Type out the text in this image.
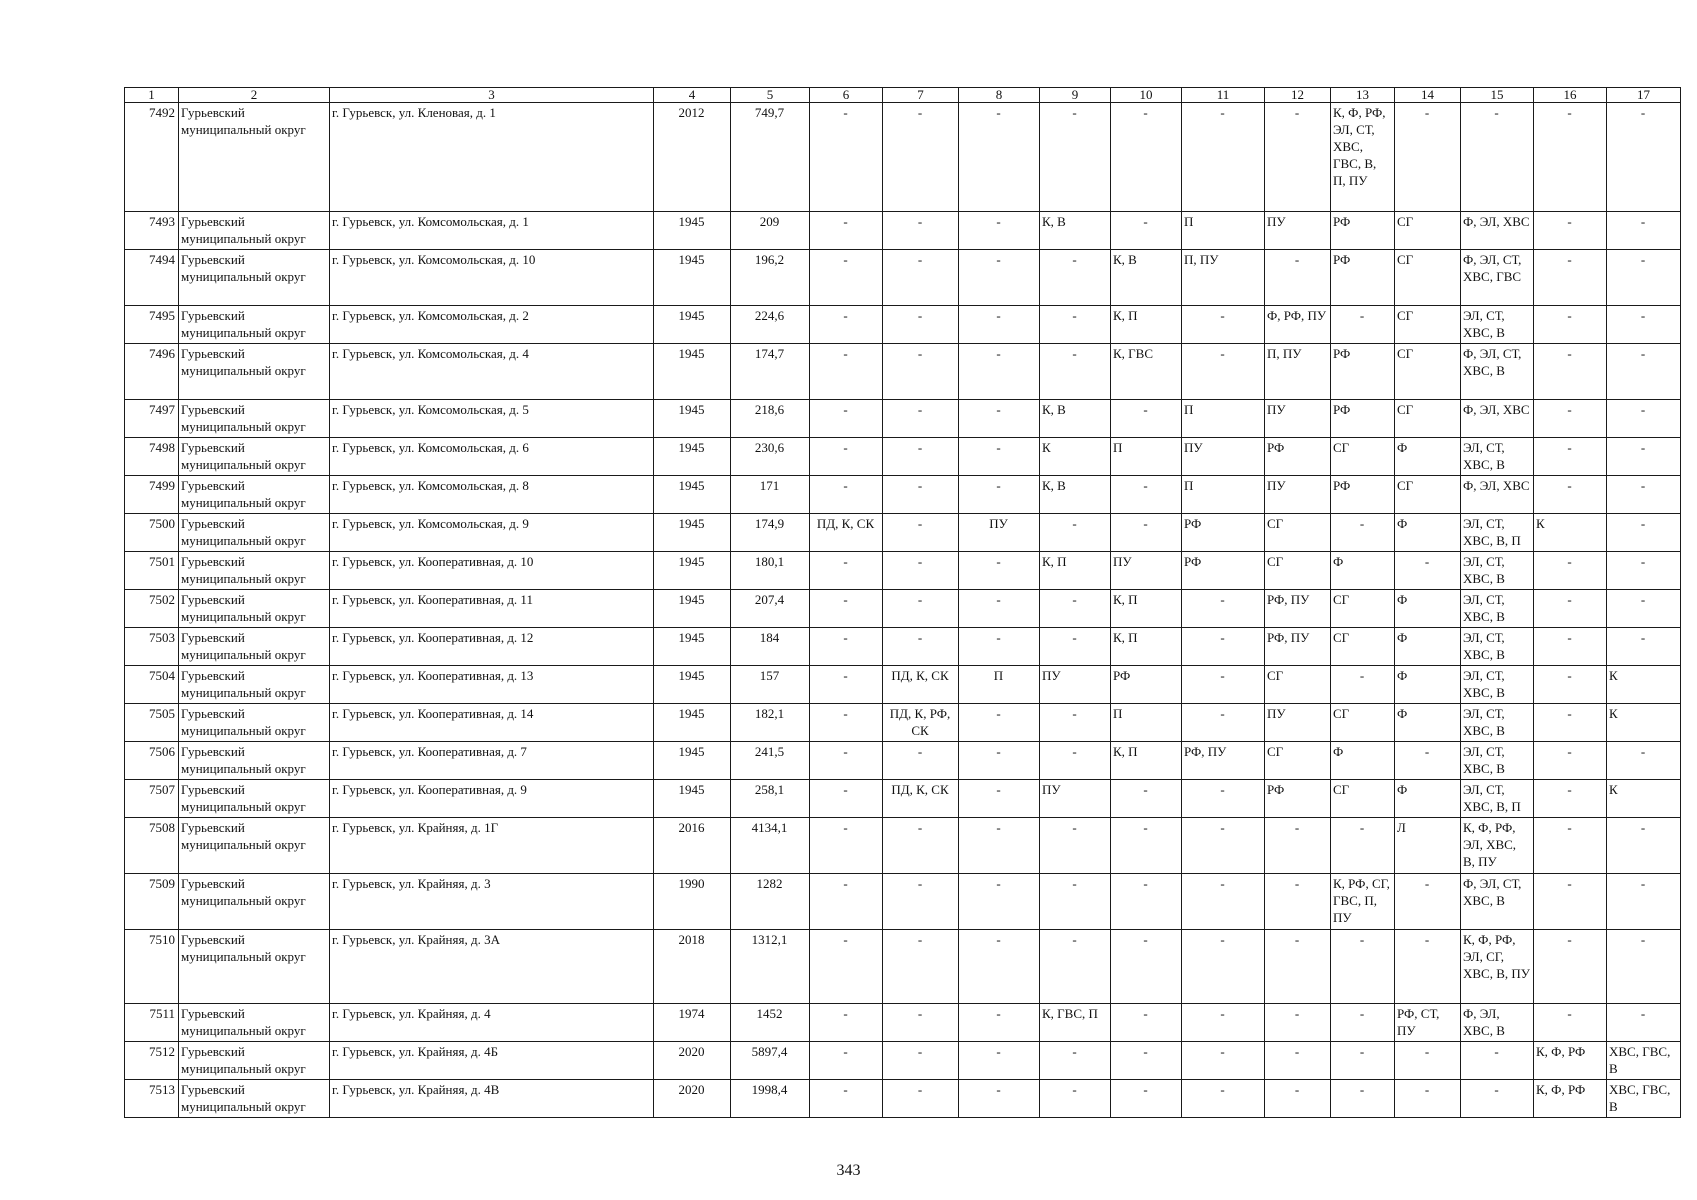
1	2	3	4	5	6	7	8	9	10	11	12	13	14	15	16	17
7492	Гурьевский муниципальный округ	г. Гурьевск, ул. Кленовая, д. 1	2012	749,7	-	-	-	-	-	-	-	К, Ф, РФ, ЭЛ, СТ, ХВС, ГВС, В, П, ПУ	-	-	-	-
7493	Гурьевский муниципальный округ	г. Гурьевск, ул. Комсомольская, д. 1	1945	209	-	-	-	К, В	-	П	ПУ	РФ	СГ	Ф, ЭЛ, ХВС	-	-
7494	Гурьевский муниципальный округ	г. Гурьевск, ул. Комсомольская, д. 10	1945	196,2	-	-	-	-	К, В	П, ПУ	-	РФ	СГ	Ф, ЭЛ, СТ, ХВС, ГВС	-	-
7495	Гурьевский муниципальный округ	г. Гурьевск, ул. Комсомольская, д. 2	1945	224,6	-	-	-	-	К, П	-	Ф, РФ, ПУ	-	СГ	ЭЛ, СТ, ХВС, В	-	-
7496	Гурьевский муниципальный округ	г. Гурьевск, ул. Комсомольская, д. 4	1945	174,7	-	-	-	-	К, ГВС	-	П, ПУ	РФ	СГ	Ф, ЭЛ, СТ, ХВС, В	-	-
7497	Гурьевский муниципальный округ	г. Гурьевск, ул. Комсомольская, д. 5	1945	218,6	-	-	-	К, В	-	П	ПУ	РФ	СГ	Ф, ЭЛ, ХВС	-	-
7498	Гурьевский муниципальный округ	г. Гурьевск, ул. Комсомольская, д. 6	1945	230,6	-	-	-	К	П	ПУ	РФ	СГ	Ф	ЭЛ, СТ, ХВС, В	-	-
7499	Гурьевский муниципальный округ	г. Гурьевск, ул. Комсомольская, д. 8	1945	171	-	-	-	К, В	-	П	ПУ	РФ	СГ	Ф, ЭЛ, ХВС	-	-
7500	Гурьевский муниципальный округ	г. Гурьевск, ул. Комсомольская, д. 9	1945	174,9	ПД, К, СК	-	ПУ	-	-	РФ	СГ	-	Ф	ЭЛ, СТ, ХВС, В, П	К	-
7501	Гурьевский муниципальный округ	г. Гурьевск, ул. Кооперативная, д. 10	1945	180,1	-	-	-	К, П	ПУ	РФ	СГ	Ф	-	ЭЛ, СТ, ХВС, В	-	-
7502	Гурьевский муниципальный округ	г. Гурьевск, ул. Кооперативная, д. 11	1945	207,4	-	-	-	-	К, П	-	РФ, ПУ	СГ	Ф	ЭЛ, СТ, ХВС, В	-	-
7503	Гурьевский муниципальный округ	г. Гурьевск, ул. Кооперативная, д. 12	1945	184	-	-	-	-	К, П	-	РФ, ПУ	СГ	Ф	ЭЛ, СТ, ХВС, В	-	-
7504	Гурьевский муниципальный округ	г. Гурьевск, ул. Кооперативная, д. 13	1945	157	-	ПД, К, СК	П	ПУ	РФ	-	СГ	-	Ф	ЭЛ, СТ, ХВС, В	-	К
7505	Гурьевский муниципальный округ	г. Гурьевск, ул. Кооперативная, д. 14	1945	182,1	-	ПД, К, РФ, СК	-	-	П	-	ПУ	СГ	Ф	ЭЛ, СТ, ХВС, В	-	К
7506	Гурьевский муниципальный округ	г. Гурьевск, ул. Кооперативная, д. 7	1945	241,5	-	-	-	-	К, П	РФ, ПУ	СГ	Ф	-	ЭЛ, СТ, ХВС, В	-	-
7507	Гурьевский муниципальный округ	г. Гурьевск, ул. Кооперативная, д. 9	1945	258,1	-	ПД, К, СК	-	ПУ	-	-	РФ	СГ	Ф	ЭЛ, СТ, ХВС, В, П	-	К
7508	Гурьевский муниципальный округ	г. Гурьевск, ул. Крайняя, д. 1Г	2016	4134,1	-	-	-	-	-	-	-	-	Л	К, Ф, РФ, ЭЛ, ХВС, В, ПУ	-	-
7509	Гурьевский муниципальный округ	г. Гурьевск, ул. Крайняя, д. 3	1990	1282	-	-	-	-	-	-	-	К, РФ, СГ, ГВС, П, ПУ	-	Ф, ЭЛ, СТ, ХВС, В	-	-
7510	Гурьевский муниципальный округ	г. Гурьевск, ул. Крайняя, д. 3А	2018	1312,1	-	-	-	-	-	-	-	-	-	К, Ф, РФ, ЭЛ, СГ, ХВС, В, ПУ	-	-
7511	Гурьевский муниципальный округ	г. Гурьевск, ул. Крайняя, д. 4	1974	1452	-	-	-	К, ГВС, П	-	-	-	-	РФ, СТ, ПУ	Ф, ЭЛ, ХВС, В	-	-
7512	Гурьевский муниципальный округ	г. Гурьевск, ул. Крайняя, д. 4Б	2020	5897,4	-	-	-	-	-	-	-	-	-	-	К, Ф, РФ	ХВС, ГВС, В
7513	Гурьевский муниципальный округ	г. Гурьевск, ул. Крайняя, д. 4В	2020	1998,4	-	-	-	-	-	-	-	-	-	-	К, Ф, РФ	ХВС, ГВС, В
343
